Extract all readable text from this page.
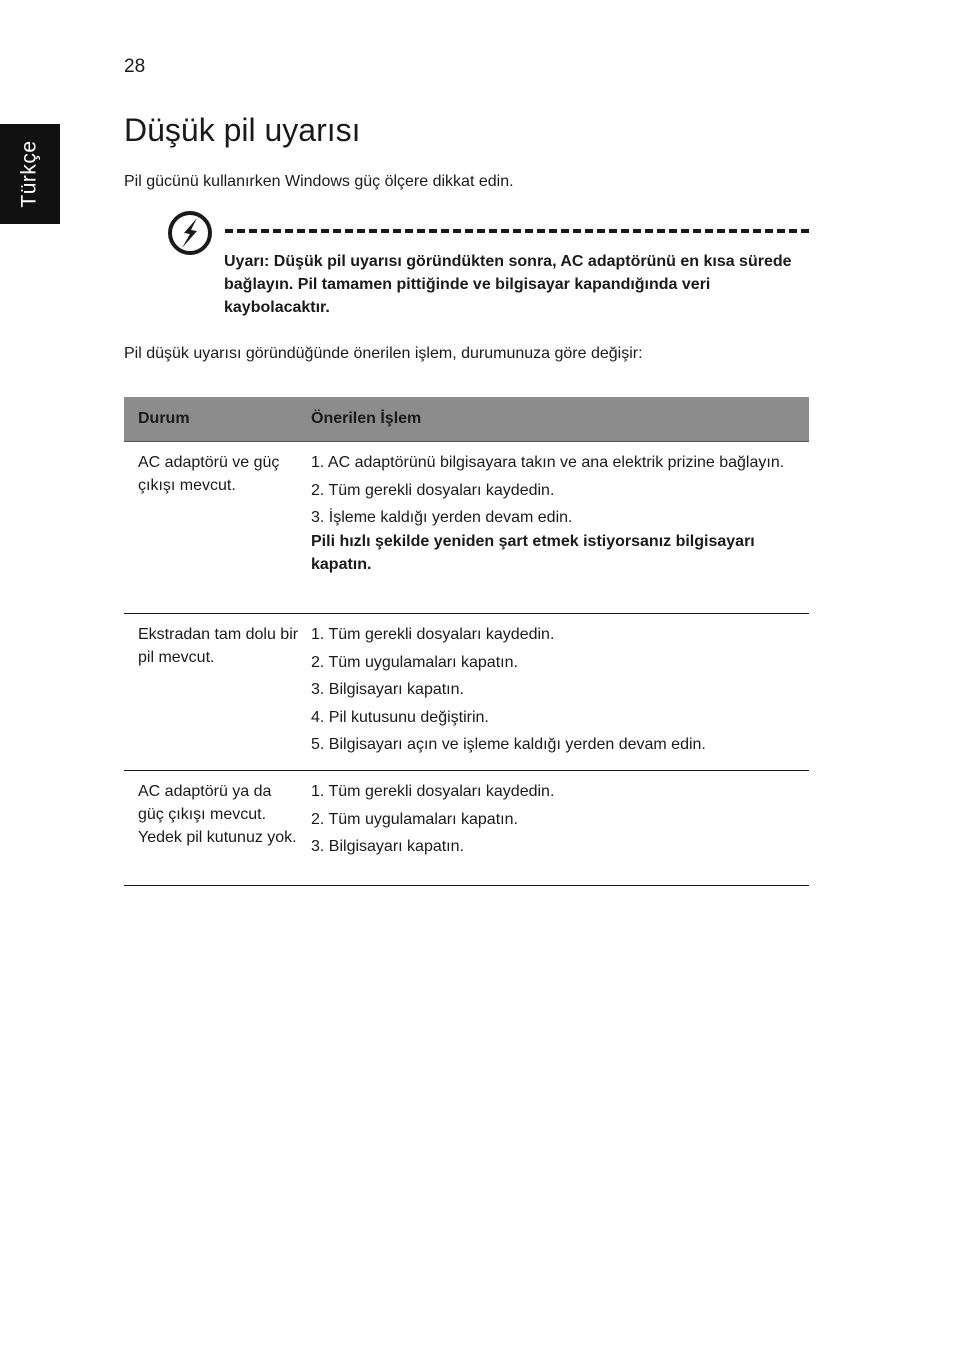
28
Türkçe
Düşük pil uyarısı
Pil gücünü kullanırken Windows güç ölçere dikkat edin.
Uyarı: Düşük pil uyarısı göründükten sonra, AC adaptörünü en kısa sürede bağlayın. Pil tamamen pittiğinde ve bilgisayar kapandığında veri kaybolacaktır.
Pil düşük uyarısı göründüğünde önerilen işlem, durumunuza göre değişir:
Durum	Önerilen İşlem
AC adaptörü ve güç çıkışı mevcut.
1. AC adaptörünü bilgisayara takın ve ana elektrik prizine bağlayın.
2. Tüm gerekli dosyaları kaydedin.
3. İşleme kaldığı yerden devam edin.
Pili hızlı şekilde yeniden şart etmek istiyorsanız bilgisayarı kapatın.
Ekstradan tam dolu bir pil mevcut.
1. Tüm gerekli dosyaları kaydedin.
2. Tüm uygulamaları kapatın.
3. Bilgisayarı kapatın.
4. Pil kutusunu değiştirin.
5. Bilgisayarı açın ve işleme kaldığı yerden devam edin.
AC adaptörü ya da güç çıkışı mevcut. Yedek pil kutunuz yok.
1. Tüm gerekli dosyaları kaydedin.
2. Tüm uygulamaları kapatın.
3. Bilgisayarı kapatın.
